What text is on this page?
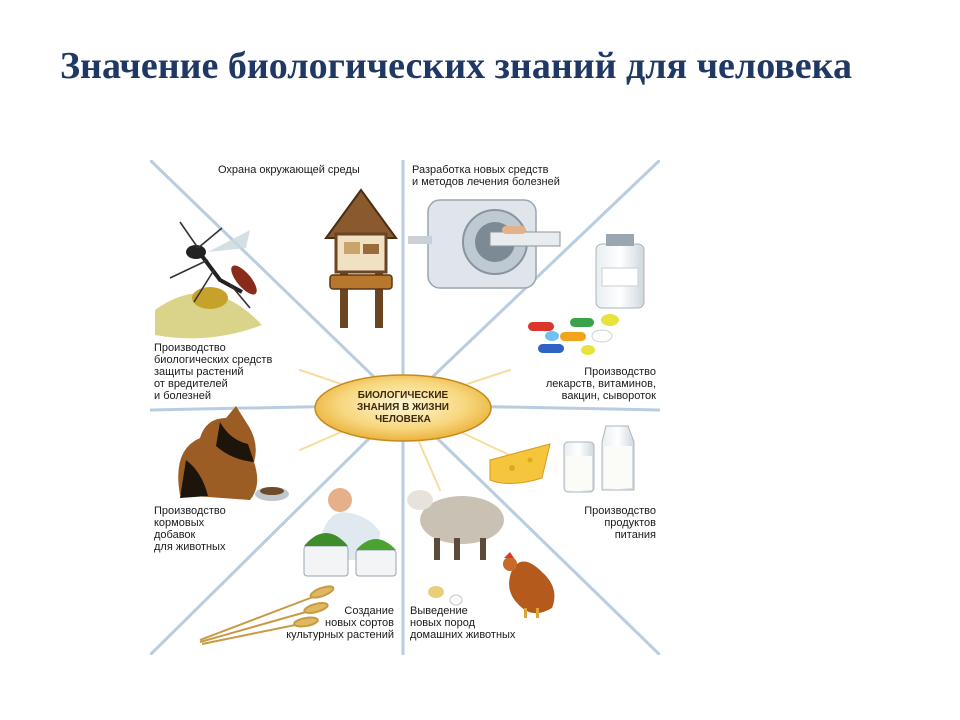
Значение биологических знаний для человека
Охрана окружающей среды	Разработка новых средств
и методов лечения болезней
Производство
биологических средств
защиты растений
от вредителей
и болезней
Производство
лекарств, витаминов,
вакцин, сывороток
Производство
кормовых
добавок
для животных
Производство
продуктов
питания
Создание
новых сортов
культурных растений
Выведение
новых пород
домашних животных
БИОЛОГИЧЕСКИЕ
ЗНАНИЯ В ЖИЗНИ
ЧЕЛОВЕКА
